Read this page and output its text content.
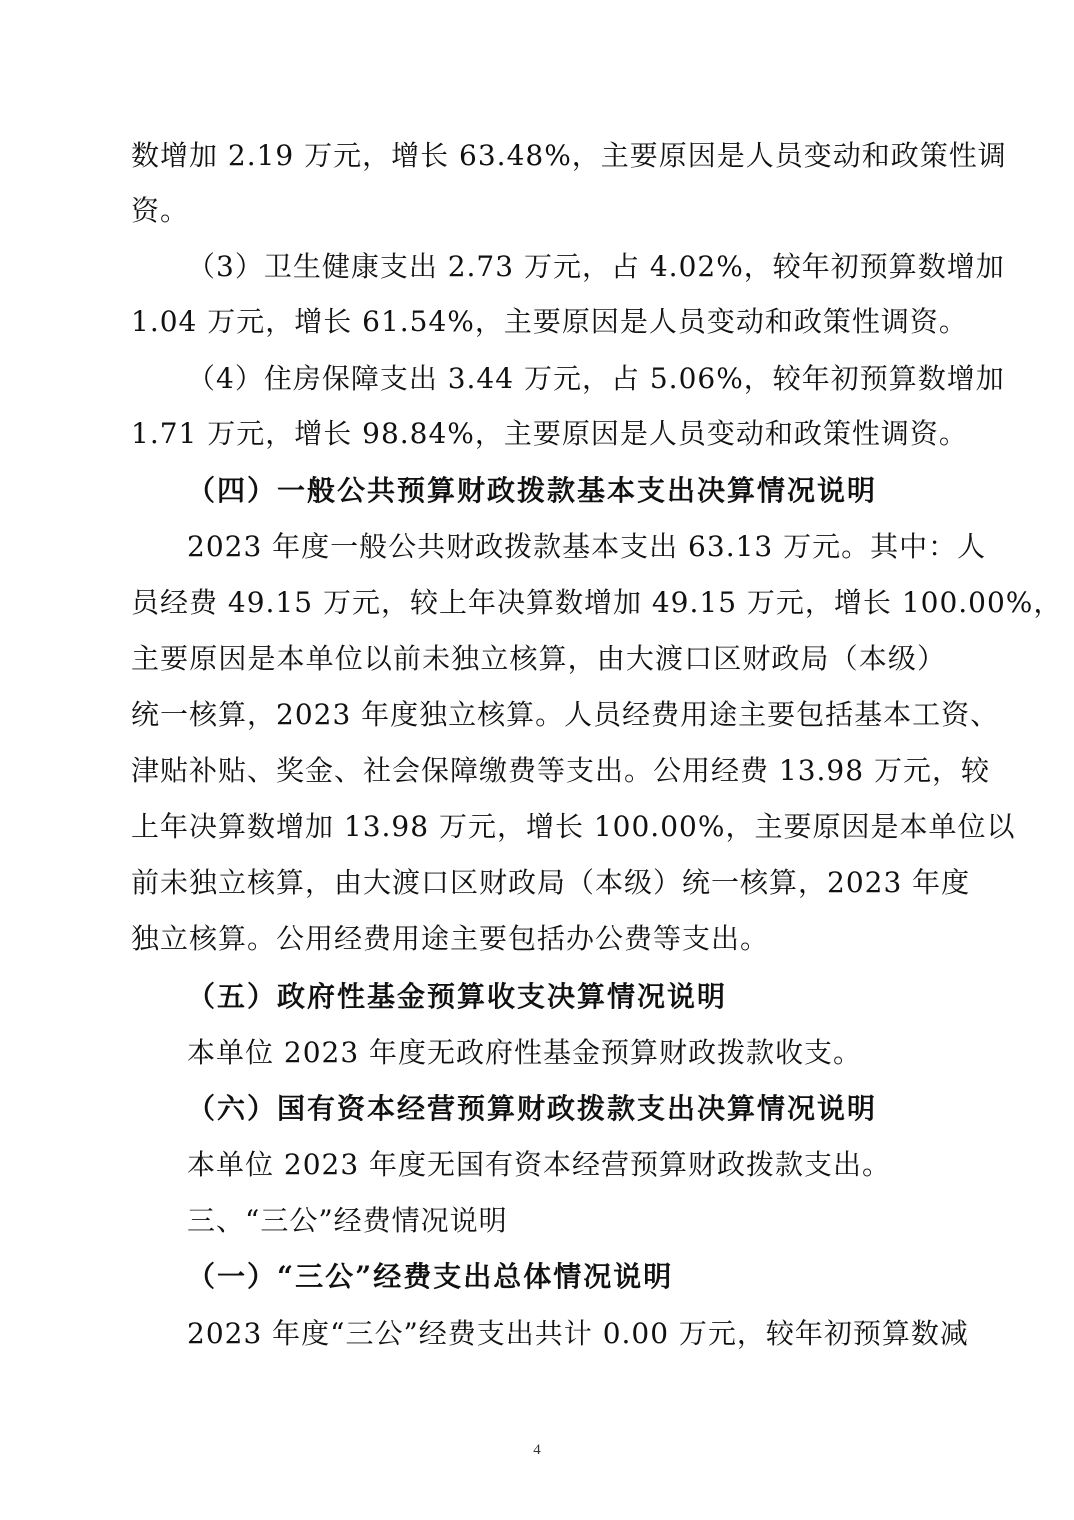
数增加 2.19 万元，增长 63.48%，主要原因是人员变动和政策性调
资。
（3）卫生健康支出 2.73 万元，占 4.02%，较年初预算数增加
1.04 万元，增长 61.54%，主要原因是人员变动和政策性调资。
（4）住房保障支出 3.44 万元，占 5.06%，较年初预算数增加
1.71 万元，增长 98.84%，主要原因是人员变动和政策性调资。
（四）一般公共预算财政拨款基本支出决算情况说明
2023 年度一般公共财政拨款基本支出 63.13 万元。其中：人
员经费 49.15 万元，较上年决算数增加 49.15 万元，增长 100.00%，
主要原因是本单位以前未独立核算，由大渡口区财政局（本级）
统一核算，2023 年度独立核算。人员经费用途主要包括基本工资、
津贴补贴、奖金、社会保障缴费等支出。公用经费 13.98 万元，较
上年决算数增加 13.98 万元，增长 100.00%，主要原因是本单位以
前未独立核算，由大渡口区财政局（本级）统一核算，2023 年度
独立核算。公用经费用途主要包括办公费等支出。
（五）政府性基金预算收支决算情况说明
本单位 2023 年度无政府性基金预算财政拨款收支。
（六）国有资本经营预算财政拨款支出决算情况说明
本单位 2023 年度无国有资本经营预算财政拨款支出。
三、“三公”经费情况说明
（一）“三公”经费支出总体情况说明
2023 年度“三公”经费支出共计 0.00 万元，较年初预算数减
4
